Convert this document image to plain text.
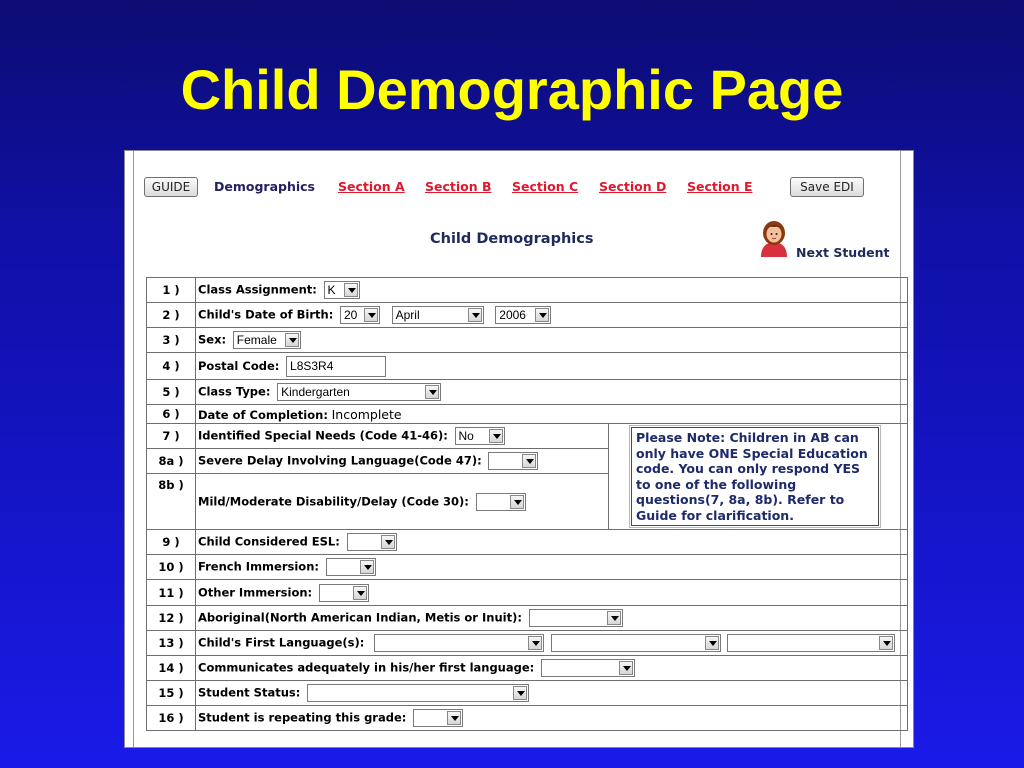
Child Demographic Page
GUIDE	Demographics Section A Section B Section C Section D Section E	Save EDI
Child Demographics
Next Student
1 )	Class Assignment: K	

2 )	Child's Date of Birth: 20 April 2006	

3 )	Sex: Female	

4 )	Postal Code: L8S3R4	
5 )	Class Type: Kindergarten	

6 )	Date of Completion: Incomplete	
7 )	Identified Special Needs (Code 41-46): No	Please Note: Children in AB can only have ONE Special Education code. You can only respond YES to one of the following questions(7, 8a, 8b). Refer to Guide for clarification.

8a )	Severe Delay Involving Language(Code 47):	

8b )	Mild/Moderate Disability/Delay (Code 30):	

9 )	Child Considered ESL:	

10 )	French Immersion:	

11 )	Other Immersion:	

12 )	Aboriginal(North American Indian, Metis or Inuit):	

13 )	Child's First Language(s):	

14 )	Communicates adequately in his/her first language:	

15 )	Student Status:	

16 )	Student is repeating this grade:	
